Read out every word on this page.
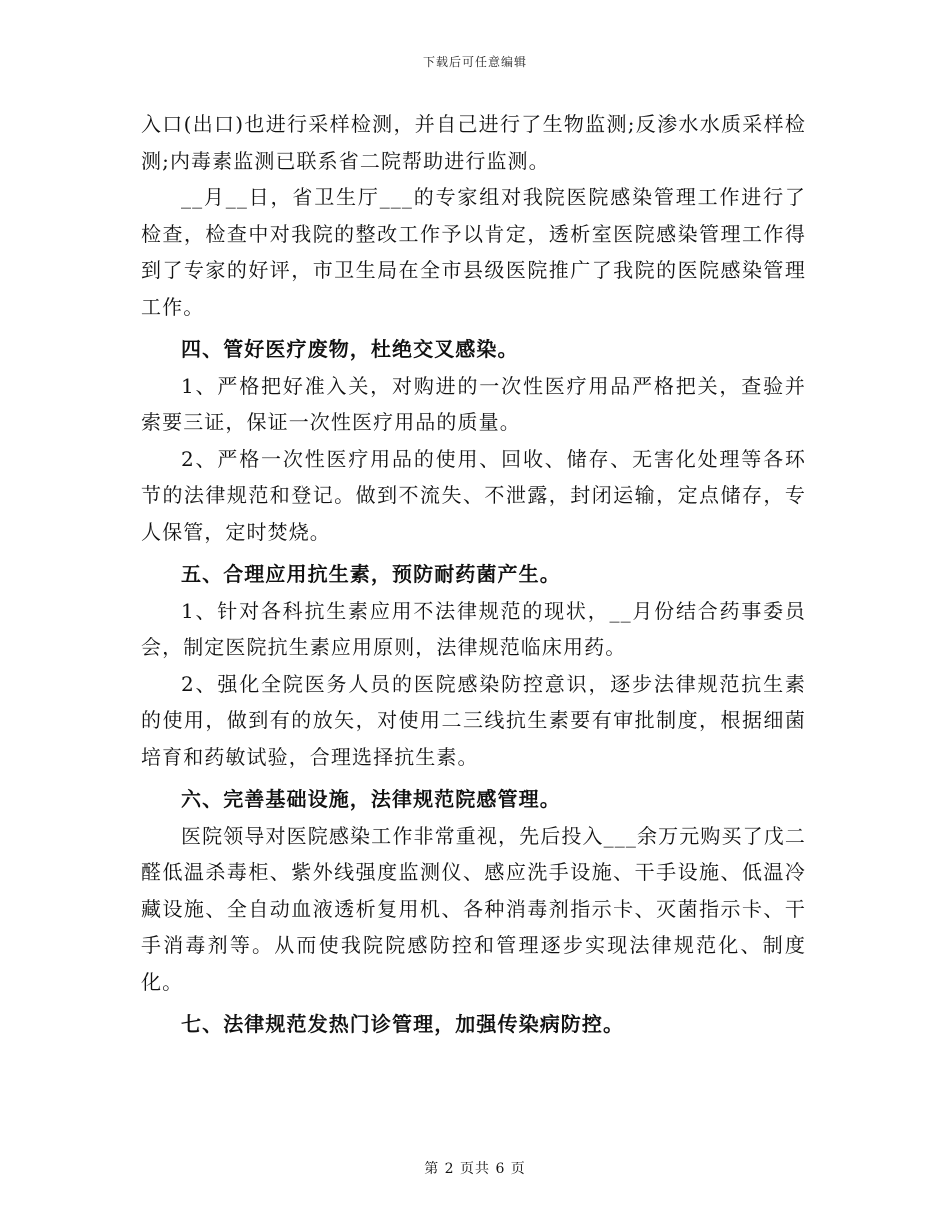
下载后可任意编辑

入口(出口)也进行采样检测，并自己进行了生物监测;反渗水水质采样检测;内毒素监测已联系省二院帮助进行监测。

__月__日，省卫生厅___的专家组对我院医院感染管理工作进行了检查，检查中对我院的整改工作予以肯定，透析室医院感染管理工作得到了专家的好评，市卫生局在全市县级医院推广了我院的医院感染管理工作。

四、管好医疗废物，杜绝交叉感染。

1、严格把好准入关，对购进的一次性医疗用品严格把关，查验并索要三证，保证一次性医疗用品的质量。

2、严格一次性医疗用品的使用、回收、储存、无害化处理等各环节的法律规范和登记。做到不流失、不泄露，封闭运输，定点储存，专人保管，定时焚烧。

五、合理应用抗生素，预防耐药菌产生。

1、针对各科抗生素应用不法律规范的现状，__月份结合药事委员会，制定医院抗生素应用原则，法律规范临床用药。

2、强化全院医务人员的医院感染防控意识，逐步法律规范抗生素的使用，做到有的放矢，对使用二三线抗生素要有审批制度，根据细菌培育和药敏试验，合理选择抗生素。

六、完善基础设施，法律规范院感管理。

医院领导对医院感染工作非常重视，先后投入___余万元购买了戊二醛低温杀毒柜、紫外线强度监测仪、感应洗手设施、干手设施、低温冷藏设施、全自动血液透析复用机、各种消毒剂指示卡、灭菌指示卡、干手消毒剂等。从而使我院院感防控和管理逐步实现法律规范化、制度化。

七、法律规范发热门诊管理，加强传染病防控。

第 2 页共 6 页
